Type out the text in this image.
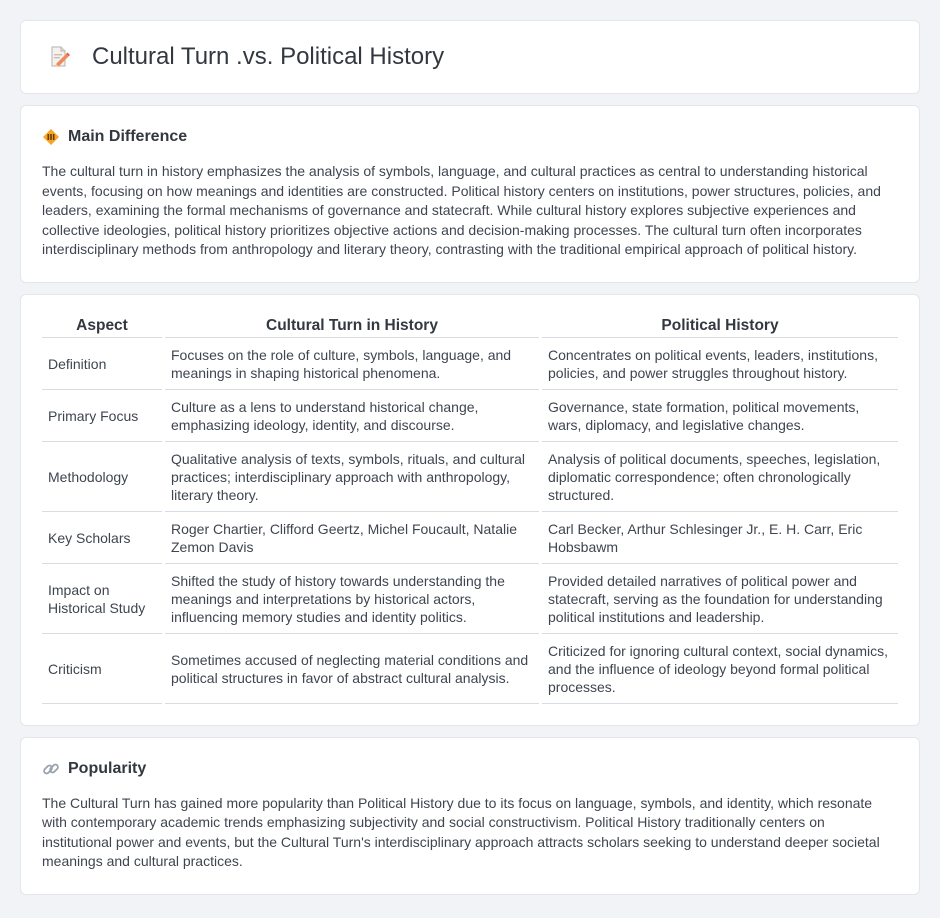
Cultural Turn .vs. Political History
Main Difference

The cultural turn in history emphasizes the analysis of symbols, language, and cultural practices as central to understanding historical events, focusing on how meanings and identities are constructed. Political history centers on institutions, power structures, policies, and leaders, examining the formal mechanisms of governance and statecraft. While cultural history explores subjective experiences and collective ideologies, political history prioritizes objective actions and decision-making processes. The cultural turn often incorporates interdisciplinary methods from anthropology and literary theory, contrasting with the traditional empirical approach of political history.

Aspect	Cultural Turn in History	Political History
Definition	Focuses on the role of culture, symbols, language, and meanings in shaping historical phenomena.	Concentrates on political events, leaders, institutions, policies, and power struggles throughout history.
Primary Focus	Culture as a lens to understand historical change, emphasizing ideology, identity, and discourse.	Governance, state formation, political movements, wars, diplomacy, and legislative changes.
Methodology	Qualitative analysis of texts, symbols, rituals, and cultural practices; interdisciplinary approach with anthropology, literary theory.	Analysis of political documents, speeches, legislation, diplomatic correspondence; often chronologically structured.
Key Scholars	Roger Chartier, Clifford Geertz, Michel Foucault, Natalie Zemon Davis	Carl Becker, Arthur Schlesinger Jr., E. H. Carr, Eric Hobsbawm
Impact on Historical Study	Shifted the study of history towards understanding the meanings and interpretations by historical actors, influencing memory studies and identity politics.	Provided detailed narratives of political power and statecraft, serving as the foundation for understanding political institutions and leadership.
Criticism	Sometimes accused of neglecting material conditions and political structures in favor of abstract cultural analysis.	Criticized for ignoring cultural context, social dynamics, and the influence of ideology beyond formal political processes.
Popularity

The Cultural Turn has gained more popularity than Political History due to its focus on language, symbols, and identity, which resonate with contemporary academic trends emphasizing subjectivity and social constructivism. Political History traditionally centers on institutional power and events, but the Cultural Turn's interdisciplinary approach attracts scholars seeking to understand deeper societal meanings and cultural practices.
